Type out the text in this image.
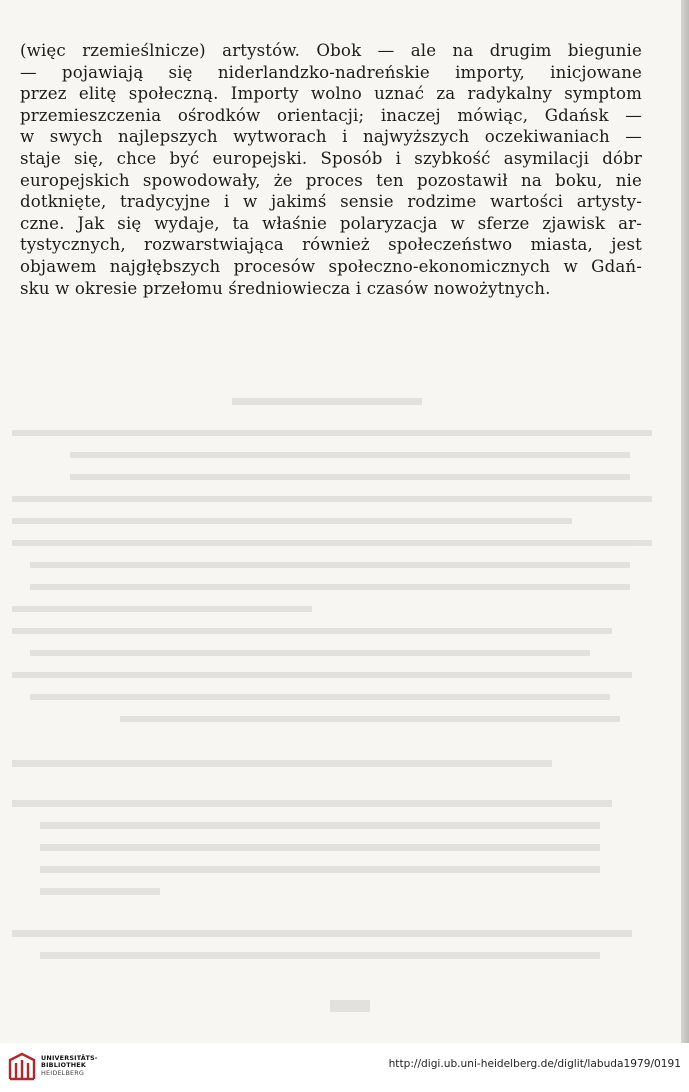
(więc rzemieślnicze) artystów. Obok — ale na drugim biegunie
— pojawiają się niderlandzko-nadreńskie importy, inicjowane
przez elitę społeczną. Importy wolno uznać za radykalny symptom
przemieszczenia ośrodków orientacji; inaczej mówiąc, Gdańsk —
w swych najlepszych wytworach i najwyższych oczekiwaniach —
staje się, chce być europejski. Sposób i szybkość asymilacji dóbr
europejskich spowodowały, że proces ten pozostawił na boku, nie
dotknięte, tradycyjne i w jakimś sensie rodzime wartości artysty-
czne. Jak się wydaje, ta właśnie polaryzacja w sferze zjawisk ar-
tystycznych, rozwarstwiająca również społeczeństwo miasta, jest
objawem najgłębszych procesów społeczno-ekonomicznych w Gdań-
sku w okresie przełomu średniowiecza i czasów nowożytnych.
UNIVERSITÄTS-
BIBLIOTHEK
HEIDELBERG
http://digi.ub.uni-heidelberg.de/diglit/labuda1979/0191
